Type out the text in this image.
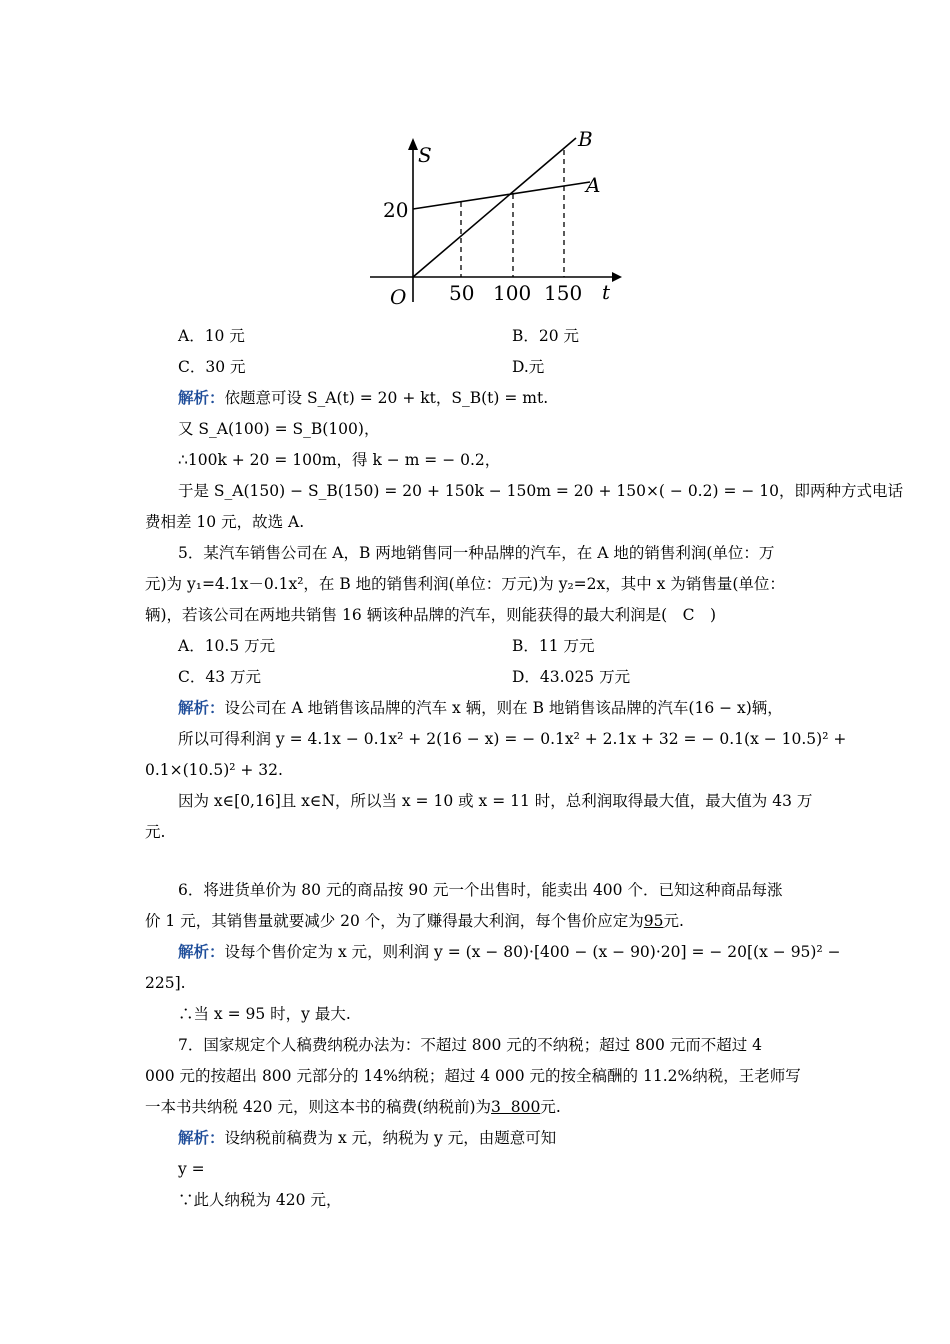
S
t
O
20
50 100 150
A
B
A．10 元	B．20 元
C．30 元	D.元
解析：依题意可设 S_A(t) = 20 + kt，S_B(t) = mt.
又 S_A(100) = S_B(100)，
∴100k + 20 = 100m，得 k − m = − 0.2，
于是 S_A(150) − S_B(150) = 20 + 150k − 150m = 20 + 150×( − 0.2) = − 10，即两种方式电话
费相差 10 元，故选 A.
5．某汽车销售公司在 A，B 两地销售同一种品牌的汽车，在 A 地的销售利润(单位：万
元)为 y₁=4.1x－0.1x²，在 B 地的销售利润(单位：万元)为 y₂=2x，其中 x 为销售量(单位：
辆)，若该公司在两地共销售 16 辆该种品牌的汽车，则能获得的最大利润是(　C　)
A．10.5 万元	B．11 万元
C．43 万元	D．43.025 万元
解析：设公司在 A 地销售该品牌的汽车 x 辆，则在 B 地销售该品牌的汽车(16 − x)辆，
所以可得利润 y = 4.1x − 0.1x² + 2(16 − x) = − 0.1x² + 2.1x + 32 = − 0.1(x − 10.5)² +
0.1×(10.5)² + 32.
因为 x∈[0,16]且 x∈N，所以当 x = 10 或 x = 11 时，总利润取得最大值，最大值为 43 万
元.
6．将进货单价为 80 元的商品按 90 元一个出售时，能卖出 400 个．已知这种商品每涨
价 1 元，其销售量就要减少 20 个，为了赚得最大利润，每个售价应定为95元.
解析：设每个售价定为 x 元，则利润 y = (x − 80)·[400 − (x − 90)·20] = − 20[(x − 95)² −
225].
∴当 x = 95 时，y 最大.
7．国家规定个人稿费纳税办法为：不超过 800 元的不纳税；超过 800 元而不超过 4
000 元的按超出 800 元部分的 14%纳税；超过 4 000 元的按全稿酬的 11.2%纳税，王老师写
一本书共纳税 420 元，则这本书的稿费(纳税前)为3  800元.
解析：设纳税前稿费为 x 元，纳税为 y 元，由题意可知
y =
∵此人纳税为 420 元，
